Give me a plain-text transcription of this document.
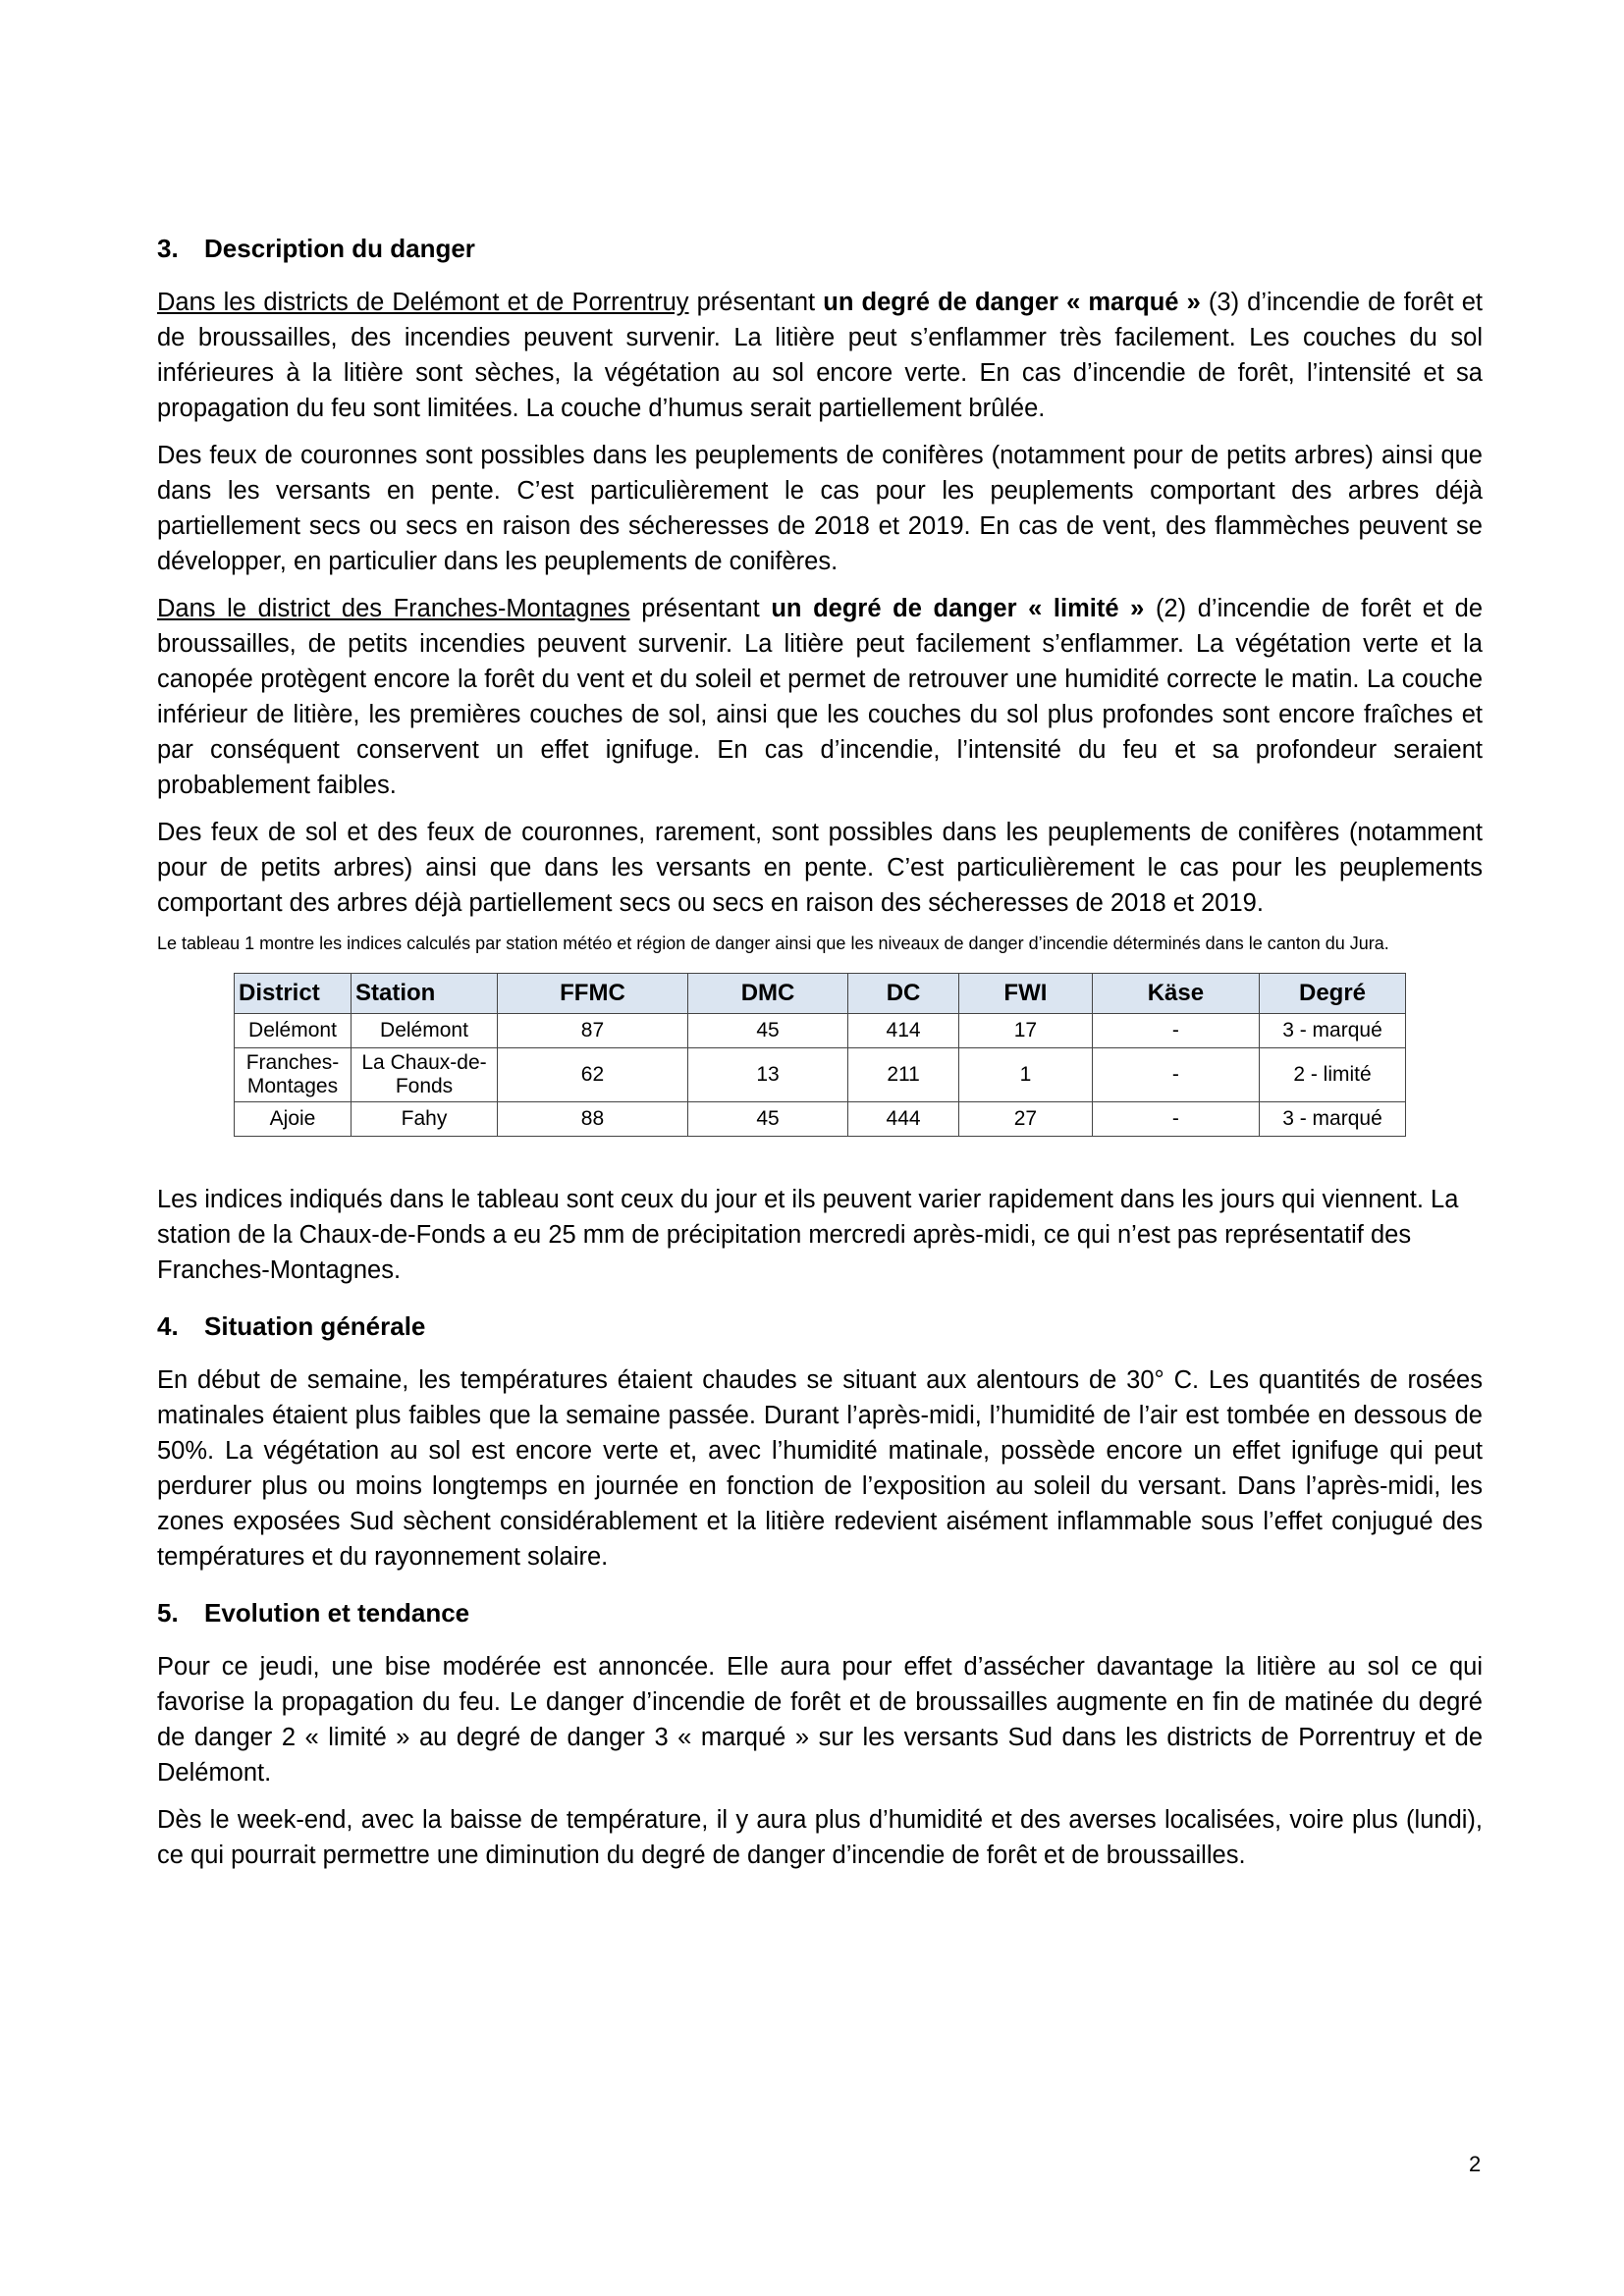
3. Description du danger

Dans les districts de Delémont et de Porrentruy présentant un degré de danger « marqué » (3) d’incendie de forêt et de broussailles, des incendies peuvent survenir. La litière peut s’enflammer très facilement. Les couches du sol inférieures à la litière sont sèches, la végétation au sol encore verte. En cas d’incendie de forêt, l’intensité et sa propagation du feu sont limitées. La couche d’humus serait partiellement brûlée.

Des feux de couronnes sont possibles dans les peuplements de conifères (notamment pour de petits arbres) ainsi que dans les versants en pente. C’est particulièrement le cas pour les peuplements comportant des arbres déjà partiellement secs ou secs en raison des sécheresses de 2018 et 2019. En cas de vent, des flammèches peuvent se développer, en particulier dans les peuplements de conifères.

Dans le district des Franches-Montagnes présentant un degré de danger « limité » (2) d’incendie de forêt et de broussailles, de petits incendies peuvent survenir. La litière peut facilement s’enflammer. La végétation verte et la canopée protègent encore la forêt du vent et du soleil et permet de retrouver une humidité correcte le matin. La couche inférieur de litière, les premières couches de sol, ainsi que les couches du sol plus profondes sont encore fraîches et par conséquent conservent un effet ignifuge. En cas d’incendie, l’intensité du feu et sa profondeur seraient probablement faibles.

Des feux de sol et des feux de couronnes, rarement, sont possibles dans les peuplements de conifères (notamment pour de petits arbres) ainsi que dans les versants en pente. C’est particulièrement le cas pour les peuplements comportant des arbres déjà partiellement secs ou secs en raison des sécheresses de 2018 et 2019.

Le tableau 1 montre les indices calculés par station météo et région de danger ainsi que les niveaux de danger d’incendie déterminés dans le canton du Jura.

District	Station	FFMC	DMC	DC	FWI	Käse	Degré
Delémont	Delémont	87	45	414	17	-	3 - marqué
Franches-Montages	La Chaux-de-Fonds	62	13	211	1	-	2 - limité
Ajoie	Fahy	88	45	444	27	-	3 - marqué

Les indices indiqués dans le tableau sont ceux du jour et ils peuvent varier rapidement dans les jours qui viennent. La station de la Chaux-de-Fonds a eu 25 mm de précipitation mercredi après-midi, ce qui n’est pas représentatif des Franches-Montagnes.

4. Situation générale

En début de semaine, les températures étaient chaudes se situant aux alentours de 30° C. Les quantités de rosées matinales étaient plus faibles que la semaine passée. Durant l’après-midi, l’humidité de l’air est tombée en dessous de 50%. La végétation au sol est encore verte et, avec l’humidité matinale, possède encore un effet ignifuge qui peut perdurer plus ou moins longtemps en journée en fonction de l’exposition au soleil du versant. Dans l’après-midi, les zones exposées Sud sèchent considérablement et la litière redevient aisément inflammable sous l’effet conjugué des températures et du rayonnement solaire.

5. Evolution et tendance

Pour ce jeudi, une bise modérée est annoncée. Elle aura pour effet d’assécher davantage la litière au sol ce qui favorise la propagation du feu. Le danger d’incendie de forêt et de broussailles augmente en fin de matinée du degré de danger 2 « limité » au degré de danger 3 « marqué » sur les versants Sud dans les districts de Porrentruy et de Delémont.

Dès le week-end, avec la baisse de température, il y aura plus d’humidité et des averses localisées, voire plus (lundi), ce qui pourrait permettre une diminution du degré de danger d’incendie de forêt et de broussailles.

2
